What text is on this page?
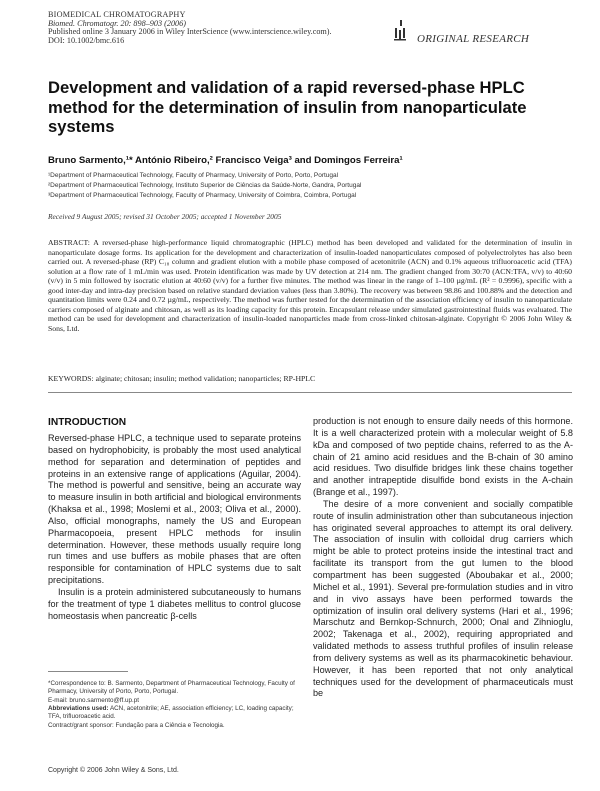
BIOMEDICAL CHROMATOGRAPHY
Biomed. Chromatogr. 20: 898–903 (2006)
Published online 3 January 2006 in Wiley InterScience (www.interscience.wiley.com).
DOI: 10.1002/bmc.616	ORIGINAL RESEARCH
Development and validation of a rapid reversed-phase HPLC method for the determination of insulin from nanoparticulate systems
Bruno Sarmento,¹* António Ribeiro,² Francisco Veiga³ and Domingos Ferreira¹
¹Department of Pharmaceutical Technology, Faculty of Pharmacy, University of Porto, Porto, Portugal
²Department of Pharmaceutical Technology, Instituto Superior de Ciências da Saúde-Norte, Gandra, Portugal
³Department of Pharmaceutical Technology, Faculty of Pharmacy, University of Coimbra, Coimbra, Portugal
Received 9 August 2005; revised 31 October 2005; accepted 1 November 2005
ABSTRACT: A reversed-phase high-performance liquid chromatographic (HPLC) method has been developed and validated for the determination of insulin in nanoparticulate dosage forms. Its application for the development and characterization of insulin-loaded nanoparticulates composed of polyelectrolytes has also been carried out. A reversed-phase (RP) C₁₈ column and gradient elution with a mobile phase composed of acetonitrile (ACN) and 0.1% aqueous trifluoroacetic acid (TFA) solution at a flow rate of 1 mL/min was used. Protein identification was made by UV detection at 214 nm. The gradient changed from 30:70 (ACN:TFA, v/v) to 40:60 (v/v) in 5 min followed by isocratic elution at 40:60 (v/v) for a further five minutes. The method was linear in the range of 1–100 µg/mL (R² = 0.9996), specific with a good inter-day and intra-day precision based on relative standard deviation values (less than 3.80%). The recovery was between 98.86 and 100.88% and the detection and quantitation limits were 0.24 and 0.72 µg/mL, respectively. The method was further tested for the determination of the association efficiency of insulin to nanoparticulate carriers composed of alginate and chitosan, as well as its loading capacity for this protein. Encapsulant release under simulated gastrointestinal fluids was evaluated. The method can be used for development and characterization of insulin-loaded nanoparticles made from cross-linked chitosan-alginate. Copyright © 2006 John Wiley & Sons, Ltd.
KEYWORDS: alginate; chitosan; insulin; method validation; nanoparticles; RP-HPLC
INTRODUCTION

Reversed-phase HPLC, a technique used to separate proteins based on hydrophobicity, is probably the most used analytical method for separation and determination of peptides and proteins in an extensive range of applications (Aguilar, 2004). The method is powerful and sensitive, being an accurate way to measure insulin in both artificial and biological environments (Khaksa et al., 1998; Moslemi et al., 2003; Oliva et al., 2000). Also, official monographs, namely the US and European Pharmacopoeia, present HPLC methods for insulin determination. However, these methods usually require long run times and use buffers as mobile phases that are often responsible for contamination of HPLC systems due to salt precipitations.

Insulin is a protein administered subcutaneously to humans for the treatment of type 1 diabetes mellitus to control glucose homeostasis when pancreatic β-cells

production is not enough to ensure daily needs of this hormone. It is a well characterized protein with a molecular weight of 5.8 kDa and composed of two peptide chains, referred to as the A-chain of 21 amino acid residues and the B-chain of 30 amino acid residues. Two disulfide bridges link these chains together and another intrapeptide disulfide bond exists in the A-chain (Brange et al., 1997).

The desire of a more convenient and socially compatible route of insulin administration other than subcutaneous injection has originated several approaches to attempt its oral delivery. The association of insulin with colloidal drug carriers which might be able to protect proteins inside the intestinal tract and facilitate its transport from the gut lumen to the blood compartment has been suggested (Aboubakar et al., 2000; Michel et al., 1991). Several pre-formulation studies and in vitro and in vivo assays have been performed towards the optimization of insulin oral delivery systems (Hari et al., 1996; Marschutz and Bernkop-Schnurch, 2000; Onal and Zihnioglu, 2002; Takenaga et al., 2002), requiring appropriated and validated methods to assess truthful profiles of insulin release from delivery systems as well as its pharmacokinetic behaviour. However, it has been reported that not only analytical techniques used for the development of pharmaceuticals must be

*Correspondence to: B. Sarmento, Department of Pharmaceutical Technology, Faculty of Pharmacy, University of Porto, Porto, Portugal.
E-mail: bruno.sarmento@ff.up.pt
Abbreviations used: ACN, acetonitrile; AE, association efficiency; LC, loading capacity; TFA, trifluoroacetic acid.
Contract/grant sponsor: Fundação para a Ciência e Tecnologia.
Copyright © 2006 John Wiley & Sons, Ltd.
